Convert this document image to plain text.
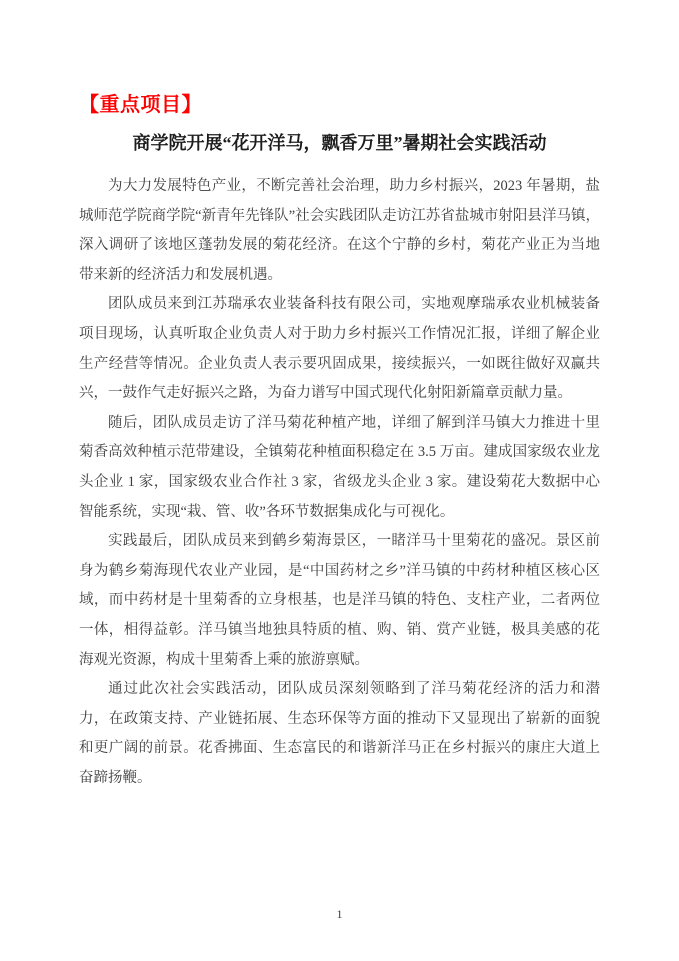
【重点项目】
商学院开展“花开洋马，飘香万里”暑期社会实践活动

为大力发展特色产业，不断完善社会治理，助力乡村振兴，2023 年暑期，盐城师范学院商学院“新青年先锋队”社会实践团队走访江苏省盐城市射阳县洋马镇，深入调研了该地区蓬勃发展的菊花经济。在这个宁静的乡村，菊花产业正为当地带来新的经济活力和发展机遇。

团队成员来到江苏瑞承农业装备科技有限公司，实地观摩瑞承农业机械装备项目现场，认真听取企业负责人对于助力乡村振兴工作情况汇报，详细了解企业生产经营等情况。企业负责人表示要巩固成果，接续振兴，一如既往做好双赢共兴，一鼓作气走好振兴之路，为奋力谱写中国式现代化射阳新篇章贡献力量。

随后，团队成员走访了洋马菊花种植产地，详细了解到洋马镇大力推进十里菊香高效种植示范带建设，全镇菊花种植面积稳定在 3.5 万亩。建成国家级农业龙头企业 1 家，国家级农业合作社 3 家，省级龙头企业 3 家。建设菊花大数据中心智能系统，实现“栽、管、收”各环节数据集成化与可视化。

实践最后，团队成员来到鹤乡菊海景区，一睹洋马十里菊花的盛况。景区前身为鹤乡菊海现代农业产业园，是“中国药材之乡”洋马镇的中药材种植区核心区域，而中药材是十里菊香的立身根基，也是洋马镇的特色、支柱产业，二者两位一体，相得益彰。洋马镇当地独具特质的植、购、销、赏产业链，极具美感的花海观光资源，构成十里菊香上乘的旅游禀赋。

通过此次社会实践活动，团队成员深刻领略到了洋马菊花经济的活力和潜力，在政策支持、产业链拓展、生态环保等方面的推动下又显现出了崭新的面貌和更广阔的前景。花香拂面、生态富民的和谐新洋马正在乡村振兴的康庄大道上奋蹄扬鞭。

1
